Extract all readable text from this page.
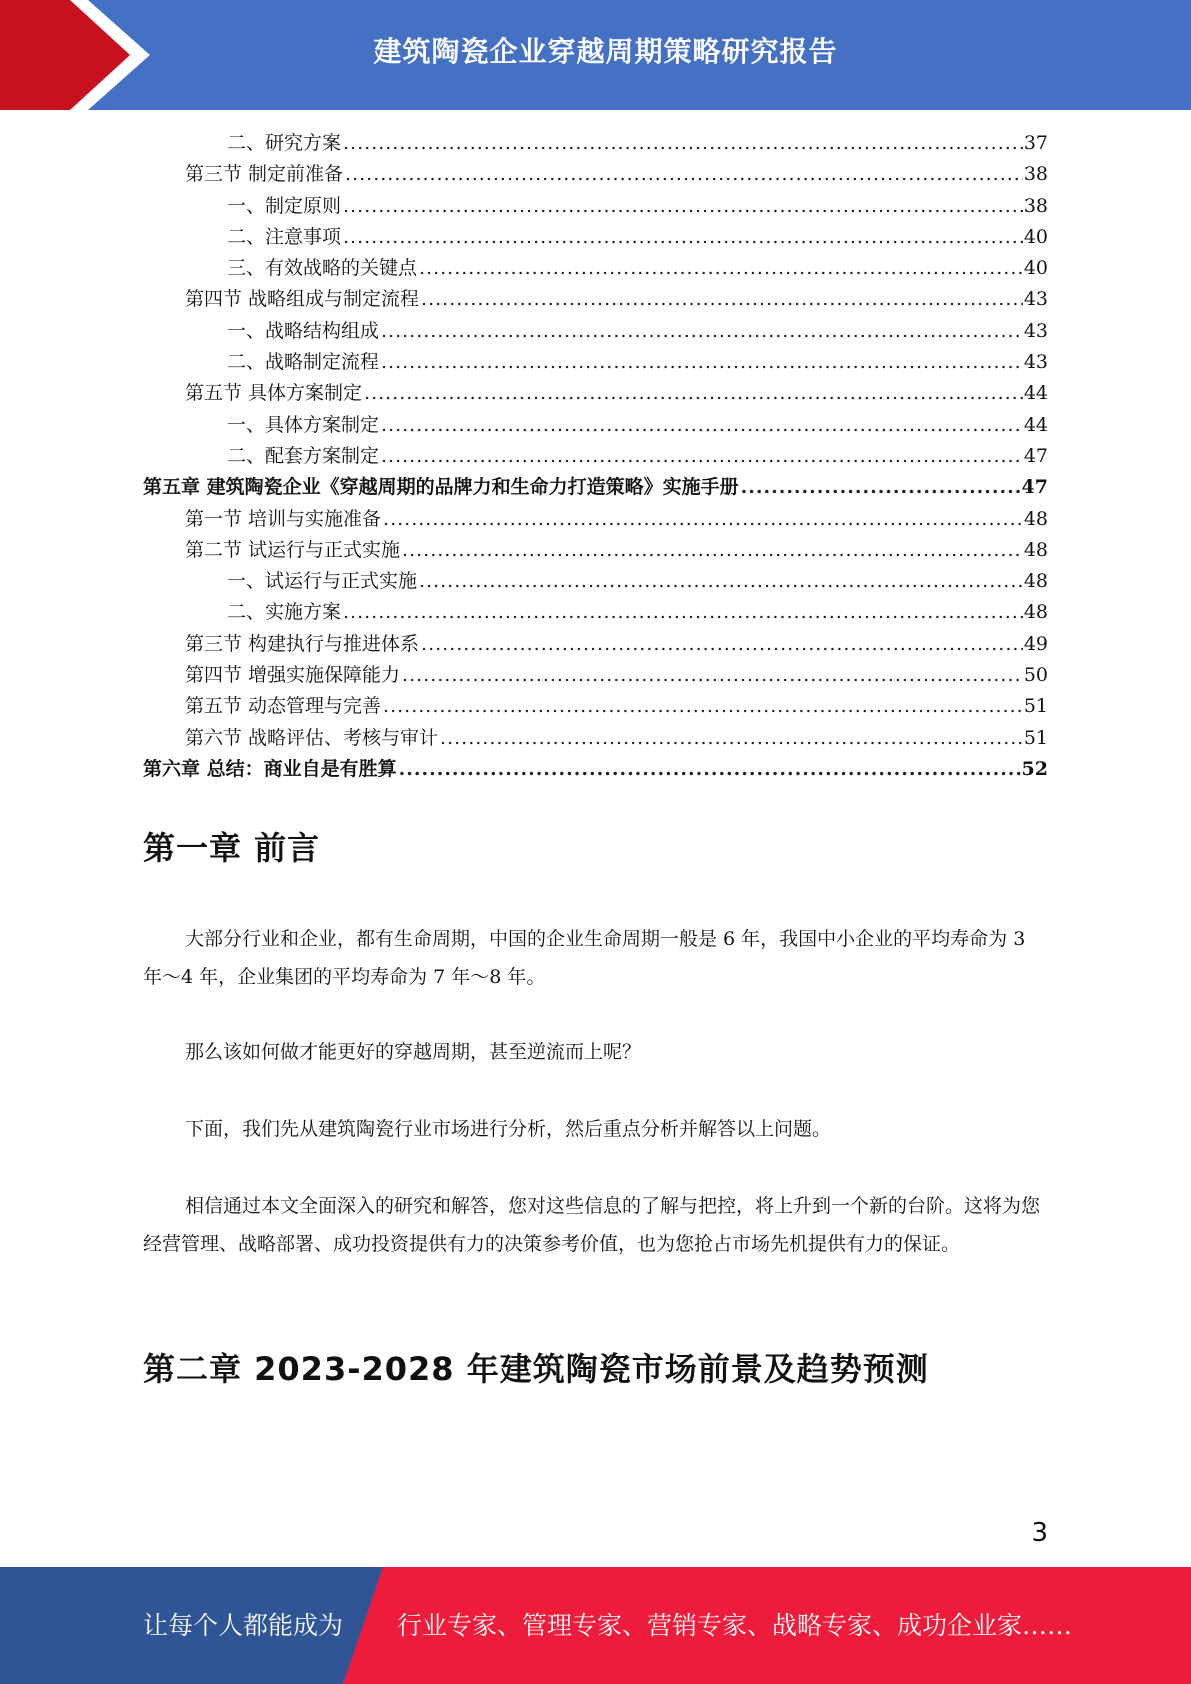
建筑陶瓷企业穿越周期策略研究报告
二、研究方案 .....	37
第三节 制定前准备 .....	38
一、制定原则 .....	38
二、注意事项 .....	40
三、有效战略的关键点 .....	40
第四节 战略组成与制定流程 .....	43
一、战略结构组成 .....	43
二、战略制定流程 .....	43
第五节 具体方案制定 .....	44
一、具体方案制定 .....	44
二、配套方案制定 .....	47
第五章 建筑陶瓷企业《穿越周期的品牌力和生命力打造策略》实施手册 .....	47
第一节 培训与实施准备 .....	48
第二节 试运行与正式实施 .....	48
一、试运行与正式实施 .....	48
二、实施方案 .....	48
第三节 构建执行与推进体系 .....	49
第四节 增强实施保障能力 .....	50
第五节 动态管理与完善 .....	51
第六节 战略评估、考核与审计 .....	51
第六章 总结：商业自是有胜算 .....	52
第一章 前言

大部分行业和企业，都有生命周期，中国的企业生命周期一般是 6 年，我国中小企业的平均寿命为 3 年～4 年，企业集团的平均寿命为 7 年～8 年。

那么该如何做才能更好的穿越周期，甚至逆流而上呢？

下面，我们先从建筑陶瓷行业市场进行分析，然后重点分析并解答以上问题。

相信通过本文全面深入的研究和解答，您对这些信息的了解与把控，将上升到一个新的台阶。这将为您经营管理、战略部署、成功投资提供有力的决策参考价值，也为您抢占市场先机提供有力的保证。

第二章 2023-2028 年建筑陶瓷市场前景及趋势预测
3
让每个人都能成为 行业专家、管理专家、营销专家、战略专家、成功企业家……
